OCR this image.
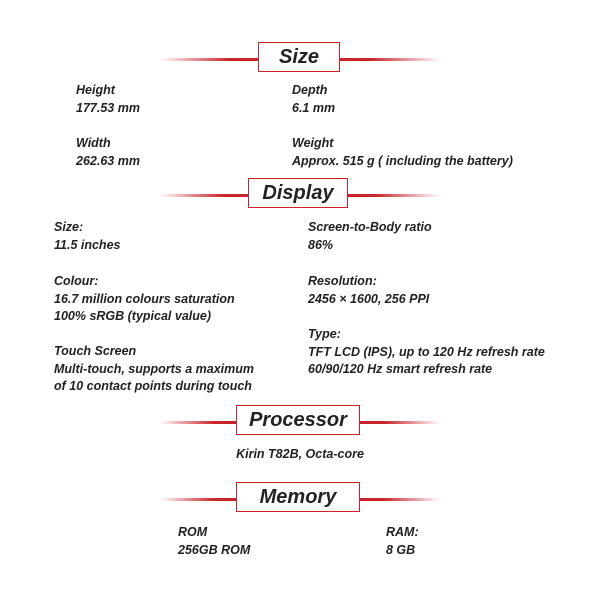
Size
Height
177.53 mm
Depth
6.1 mm
Width
262.63 mm
Weight
Approx. 515 g ( including the battery)
Display
Size:
11.5 inches
Screen-to-Body ratio
86%
Colour:
16.7 million colours saturation
100% sRGB (typical value)
Resolution:
2456 × 1600, 256 PPI
Touch Screen
Multi-touch, supports a maximum
of 10 contact points during touch
Type:
TFT LCD (IPS), up to 120 Hz refresh rate
60/90/120 Hz smart refresh rate
Processor
Kirin T82B, Octa-core
Memory
ROM
256GB ROM
RAM:
8 GB
